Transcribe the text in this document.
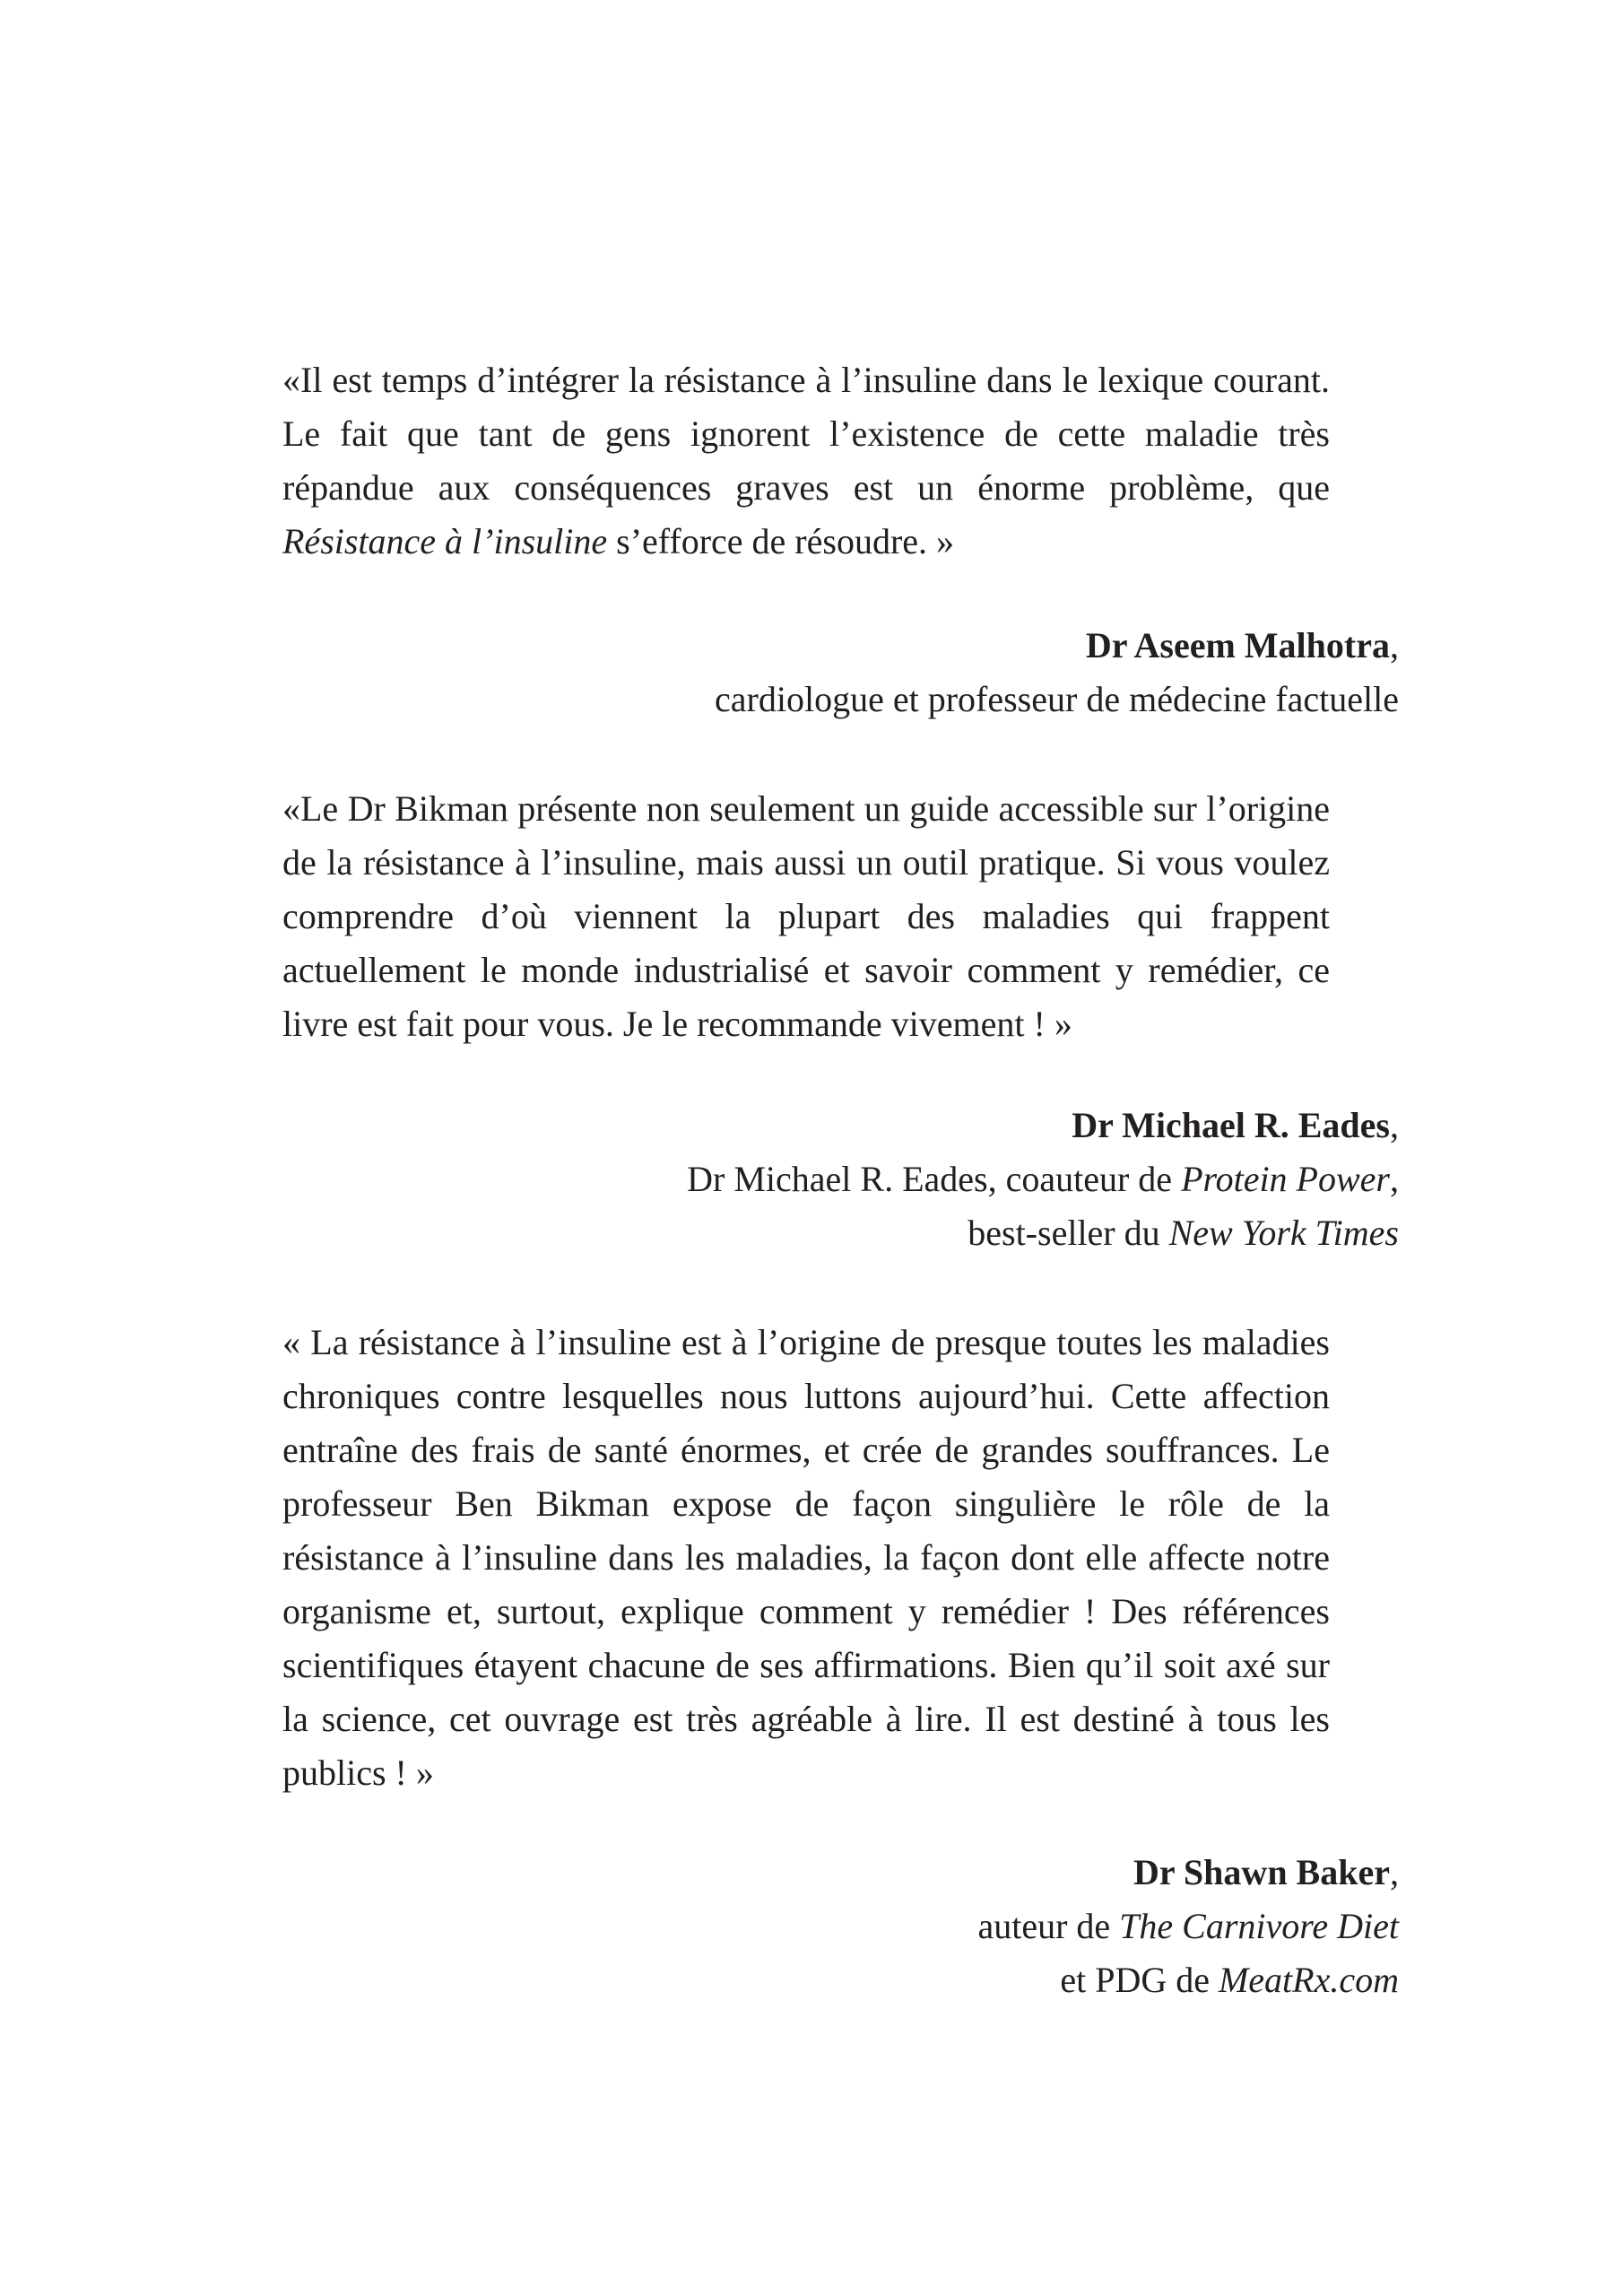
«Il est temps d’intégrer la résistance à l’insuline dans le lexique courant. Le fait que tant de gens ignorent l’existence de cette maladie très répandue aux conséquences graves est un énorme problème, que Résistance à l’insuline s’efforce de résoudre. »

Dr Aseem Malhotra,
cardiologue et professeur de médecine factuelle

«Le Dr Bikman présente non seulement un guide accessible sur l’origine de la résistance à l’insuline, mais aussi un outil pratique. Si vous voulez comprendre d’où viennent la plupart des maladies qui frappent actuellement le monde industrialisé et savoir comment y remédier, ce livre est fait pour vous. Je le recommande vivement ! »

Dr Michael R. Eades,
Dr Michael R. Eades, coauteur de Protein Power,
best-seller du New York Times

« La résistance à l’insuline est à l’origine de presque toutes les maladies chroniques contre lesquelles nous luttons aujourd’hui. Cette affection entraîne des frais de santé énormes, et crée de grandes souffrances. Le professeur Ben Bikman expose de façon singulière le rôle de la résistance à l’insuline dans les maladies, la façon dont elle affecte notre organisme et, surtout, explique comment y remédier ! Des références scientifiques étayent chacune de ses affirmations. Bien qu’il soit axé sur la science, cet ouvrage est très agréable à lire. Il est destiné à tous les publics ! »

Dr Shawn Baker,
auteur de The Carnivore Diet
et PDG de MeatRx.com
